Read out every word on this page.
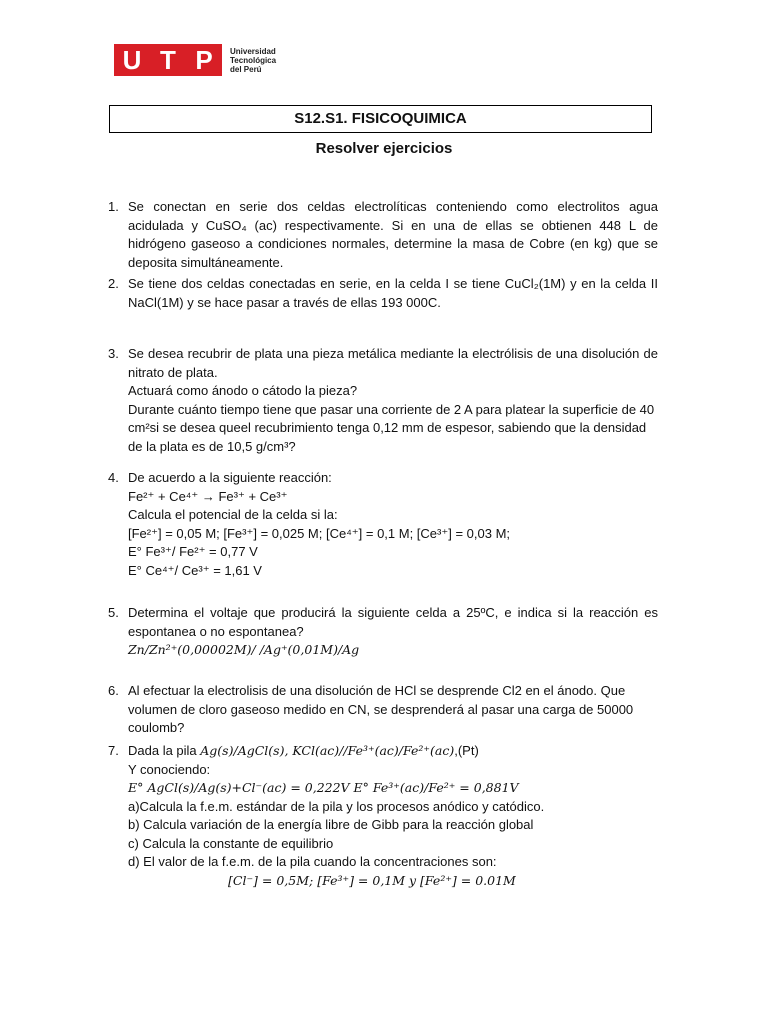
U T P	Universidad
Tecnológica
del Perú
S12.S1. FISICOQUIMICA
Resolver ejercicios
1. Se conectan en serie dos celdas electrolíticas conteniendo como electrolitos agua acidulada y CuSO₄ (ac) respectivamente. Si en una de ellas se obtienen 448 L de hidrógeno gaseoso a condiciones normales, determine la masa de Cobre (en kg) que se deposita simultáneamente.
2. Se tiene dos celdas conectadas en serie, en la celda I se tiene CuCl₂(1M) y en la celda II NaCl(1M) y se hace pasar a través de ellas 193 000C.
3. Se desea recubrir de plata una pieza metálica mediante la electrólisis de una disolución de nitrato de plata.
Actuará como ánodo o cátodo la pieza?
Durante cuánto tiempo tiene que pasar una corriente de 2 A para platear la superficie de 40 cm²si se desea queel recubrimiento tenga 0,12 mm de espesor, sabiendo que la densidad de la plata es de 10,5 g/cm³?
4. De acuerdo a la siguiente reacción:
Fe²⁺ + Ce⁴⁺ → Fe³⁺ + Ce³⁺
Calcula el potencial de la celda si la:
[Fe²⁺] = 0,05 M; [Fe³⁺] = 0,025 M; [Ce⁴⁺] = 0,1 M; [Ce³⁺] = 0,03 M;
E° Fe³⁺/ Fe²⁺ = 0,77 V
E° Ce⁴⁺/ Ce³⁺ = 1,61 V
5. Determina el voltaje que producirá la siguiente celda a 25ºC, e indica si la reacción es espontanea o no espontanea?
Zn/Zn²⁺(0,00002M)/ /Ag⁺(0,01M)/Ag
6. Al efectuar la electrolisis de una disolución de HCl se desprende Cl2 en el ánodo. Que volumen de cloro gaseoso medido en CN, se desprenderá al pasar una carga de 50000 coulomb?
7. Dada la pila Ag(s)/AgCl(s), KCl(ac)//Fe³⁺(ac)/Fe²⁺(ac),(Pt)
Y conociendo:
E° AgCl(s)/Ag(s)+Cl⁻(ac) = 0,222V E° Fe³⁺(ac)/Fe²⁺ = 0,881V
a)Calcula la f.e.m. estándar de la pila y los procesos anódico y catódico.
b) Calcula variación de la energía libre de Gibb para la reacción global
c) Calcula la constante de equilibrio
d) El valor de la f.e.m. de la pila cuando la concentraciones son:
[Cl⁻] = 0,5M; [Fe³⁺] = 0,1M y [Fe²⁺] = 0.01M
